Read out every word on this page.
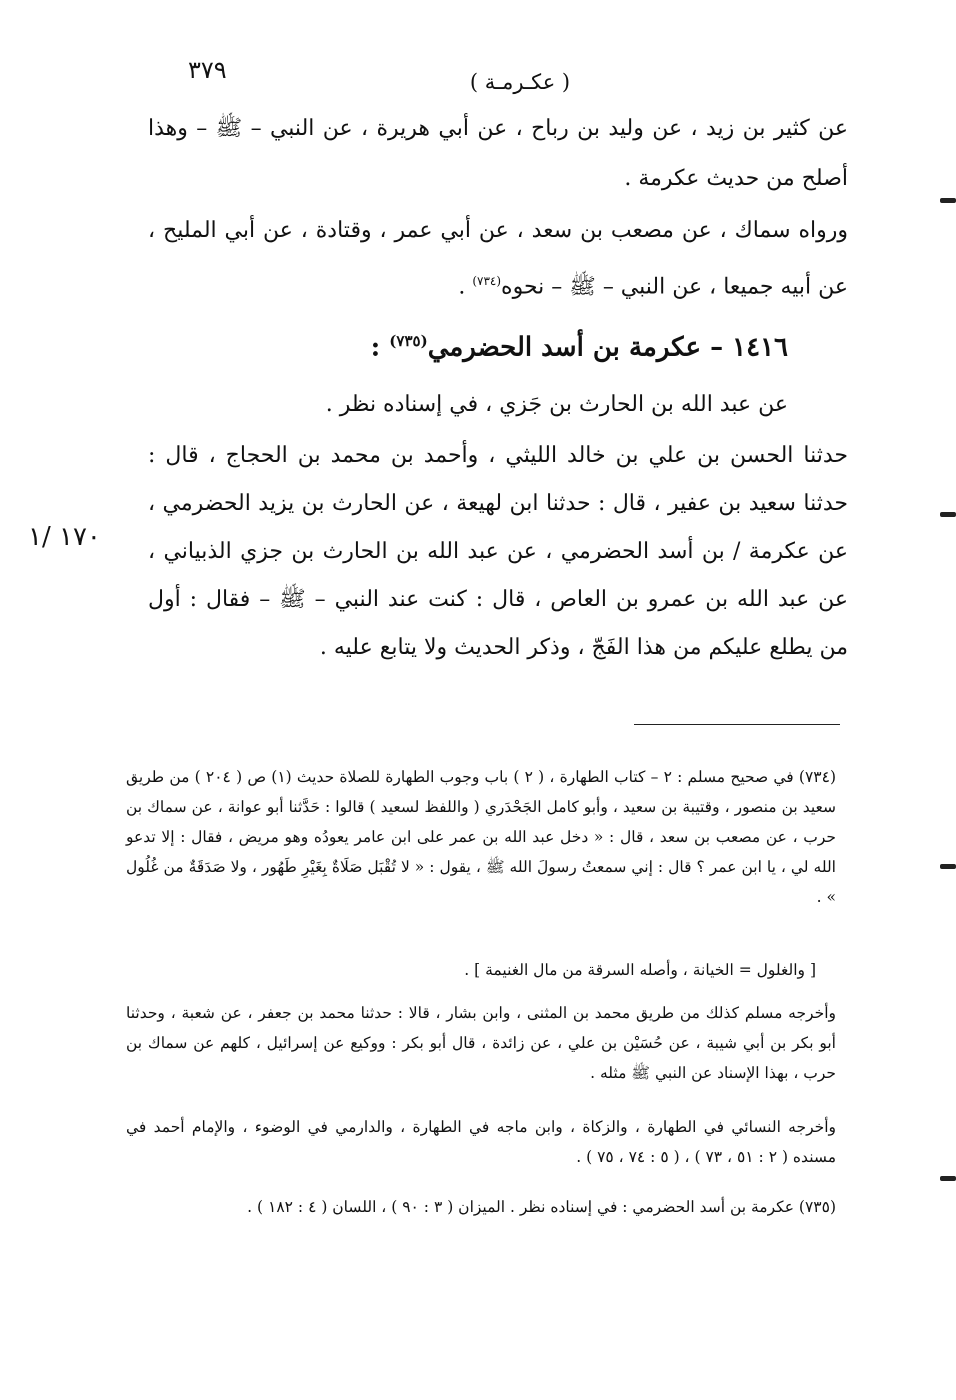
٣٧٩	( عكـرمـة )
١٧٠ /١
عن كثير بن زيد ، عن وليد بن رباح ، عن أبي هريرة ، عن النبي – ﷺ – وهذا أصلح من حديث عكرمة .
ورواه سماك ، عن مصعب بن سعد ، عن أبي عمر ، وقتادة ، عن أبي المليح ، عن أبيه جميعا ، عن النبي – ﷺ – نحوه$^{(٧٣٤)}$ .
١٤١٦ – عكرمة بن أسد الحضرمي$^{(٧٣٥)}$ :
عن عبد الله بن الحارث بن جَزي ، في إسناده نظر .
حدثنا الحسن بن علي بن خالد الليثي ، وأحمد بن محمد بن الحجاج ، قال : حدثنا سعيد بن عفير ، قال : حدثنا ابن لهيعة ، عن الحارث بن يزيد الحضرمي ، عن عكرمة / بن أسد الحضرمي ، عن عبد الله بن الحارث بن جزي الذبياني ، عن عبد الله بن عمرو بن العاص ، قال : كنت عند النبي – ﷺ – فقال : أول من يطلع عليكم من هذا الفَجّ ، وذكر الحديث ولا يتابع عليه .
(٧٣٤) في صحيح مسلم : ٢ – كتاب الطهارة ، ( ٢ ) باب وجوب الطهارة للصلاة حديث (١) ص ( ٢٠٤ ) من طريق سعيد بن منصور ، وقتيبة بن سعيد ، وأبو كامل الجَحْدَري ( واللفظ لسعيد ) قالوا : حَدَّثنا أبو عوانة ، عن سماك بن حرب ، عن مصعب بن سعد ، قال : « دخل عبد الله بن عمر على ابن عامر يعودُه وهو مريض ، فقال : إلا تدعو الله لي ، يا ابن عمر ؟ قال : إني سمعتُ رسولَ الله ﷺ ، يقول : « لا تُقْبَل صَلَاةٌ بِغَيْرِ طَهُور ، ولا صَدَقَةٌ من غُلُول » .
[ والغلول = الخيانة ، وأصله السرقة من مال الغنيمة ] .
وأخرجه مسلم كذلك من طريق محمد بن المثنى ، وابن بشار ، قالا : حدثنا محمد بن جعفر ، عن شعبة ، وحدثنا أبو بكر بن أبي شيبة ، عن حُسَيْن بن علي ، عن زائدة ، قال أبو بكر : ووكيع عن إسرائيل ، كلهم عن سماك بن حرب ، بهذا الإسناد عن النبي ﷺ مثله .
وأخرجه النسائي في الطهارة ، والزكاة ، وابن ماجه في الطهارة ، والدارمي في الوضوء ، والإمام أحمد في مسنده ( ٢ : ٥١ ، ٧٣ ) ، ( ٥ : ٧٤ ، ٧٥ ) .
(٧٣٥) عكرمة بن أسد الحضرمي : في إسناده نظر . الميزان ( ٣ : ٩٠ ) ، اللسان ( ٤ : ١٨٢ ) .
